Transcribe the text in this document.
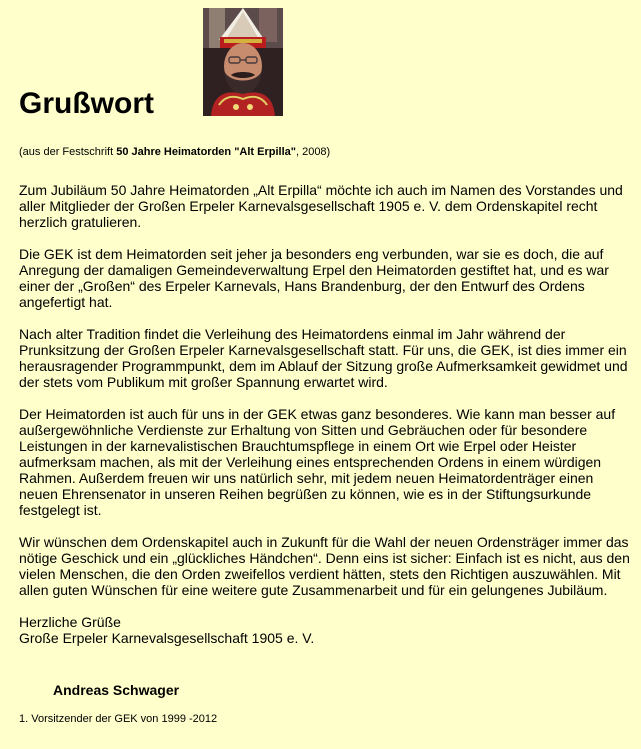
Grußwort
(aus der Festschrift 50 Jahre Heimatorden "Alt Erpilla", 2008)

Zum Jubiläum 50 Jahre Heimatorden „Alt Erpilla“ möchte ich auch im Namen des Vorstandes und aller Mitglieder der Großen Erpeler Karnevalsgesellschaft 1905 e. V. dem Ordenskapitel recht herzlich gratulieren.

Die GEK ist dem Heimatorden seit jeher ja besonders eng verbunden, war sie es doch, die auf Anregung der damaligen Gemeindeverwaltung Erpel den Heimatorden gestiftet hat, und es war einer der „Großen“ des Erpeler Karnevals, Hans Brandenburg, der den Entwurf des Ordens angefertigt hat.

Nach alter Tradition findet die Verleihung des Heimatordens einmal im Jahr während der Prunksitzung der Großen Erpeler Karnevalsgesellschaft statt. Für uns, die GEK, ist dies immer ein herausragender Programmpunkt, dem im Ablauf der Sitzung große Aufmerksamkeit gewidmet und der stets vom Publikum mit großer Spannung erwartet wird.

Der Heimatorden ist auch für uns in der GEK etwas ganz besonderes. Wie kann man besser auf außergewöhnliche Verdienste zur Erhaltung von Sitten und Gebräuchen oder für besondere Leistungen in der karnevalistischen Brauchtumspflege in einem Ort wie Erpel oder Heister aufmerksam machen, als mit der Verleihung eines entsprechenden Ordens in einem würdigen Rahmen. Außerdem freuen wir uns natürlich sehr, mit jedem neuen Heimatordenträger einen neuen Ehrensenator in unseren Reihen begrüßen zu können, wie es in der Stiftungsurkunde festgelegt ist.

Wir wünschen dem Ordenskapitel auch in Zukunft für die Wahl der neuen Ordensträger immer das nötige Geschick und ein „glückliches Händchen“. Denn eins ist sicher: Einfach ist es nicht, aus den vielen Menschen, die den Orden zweifellos verdient hätten, stets den Richtigen auszuwählen. Mit allen guten Wünschen für eine weitere gute Zusammenarbeit und für ein gelungenes Jubiläum.

Herzliche Grüße

Große Erpeler Karnevalsgesellschaft 1905 e. V.

Andreas Schwager
1. Vorsitzender der GEK von 1999 -2012
